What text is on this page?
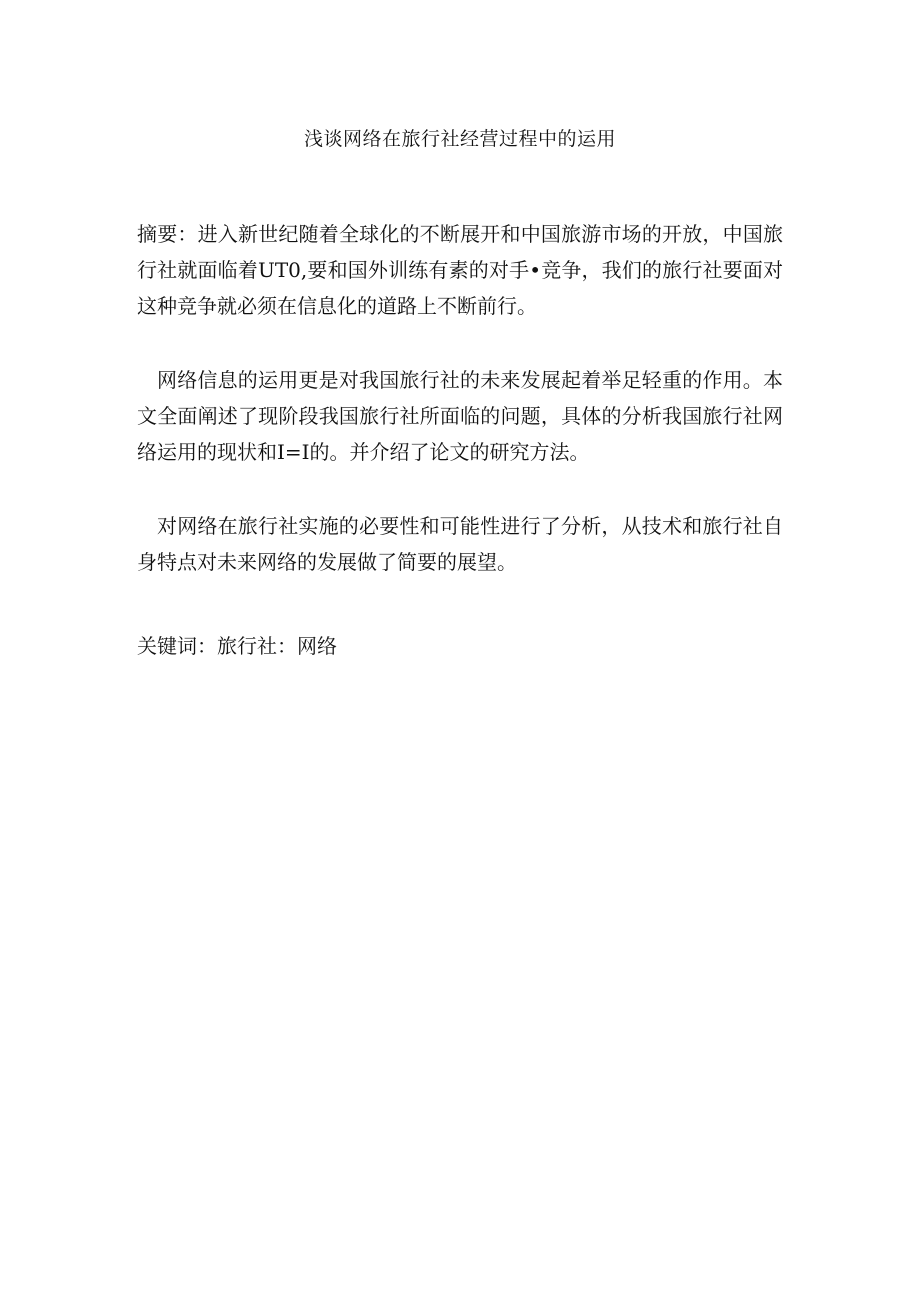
浅谈网络在旅行社经营过程中的运用

摘要：进入新世纪随着全球化的不断展开和中国旅游市场的开放，中国旅行社就面临着UT0,要和国外训练有素的对手•竞争，我们的旅行社要面对这种竞争就必须在信息化的道路上不断前行。

网络信息的运用更是对我国旅行社的未来发展起着举足轻重的作用。本文全面阐述了现阶段我国旅行社所面临的问题，具体的分析我国旅行社网络运用的现状和I=I的。并介绍了论文的研究方法。

对网络在旅行社实施的必要性和可能性进行了分析，从技术和旅行社自身特点对未来网络的发展做了简要的展望。

关键词：旅行社：网络
